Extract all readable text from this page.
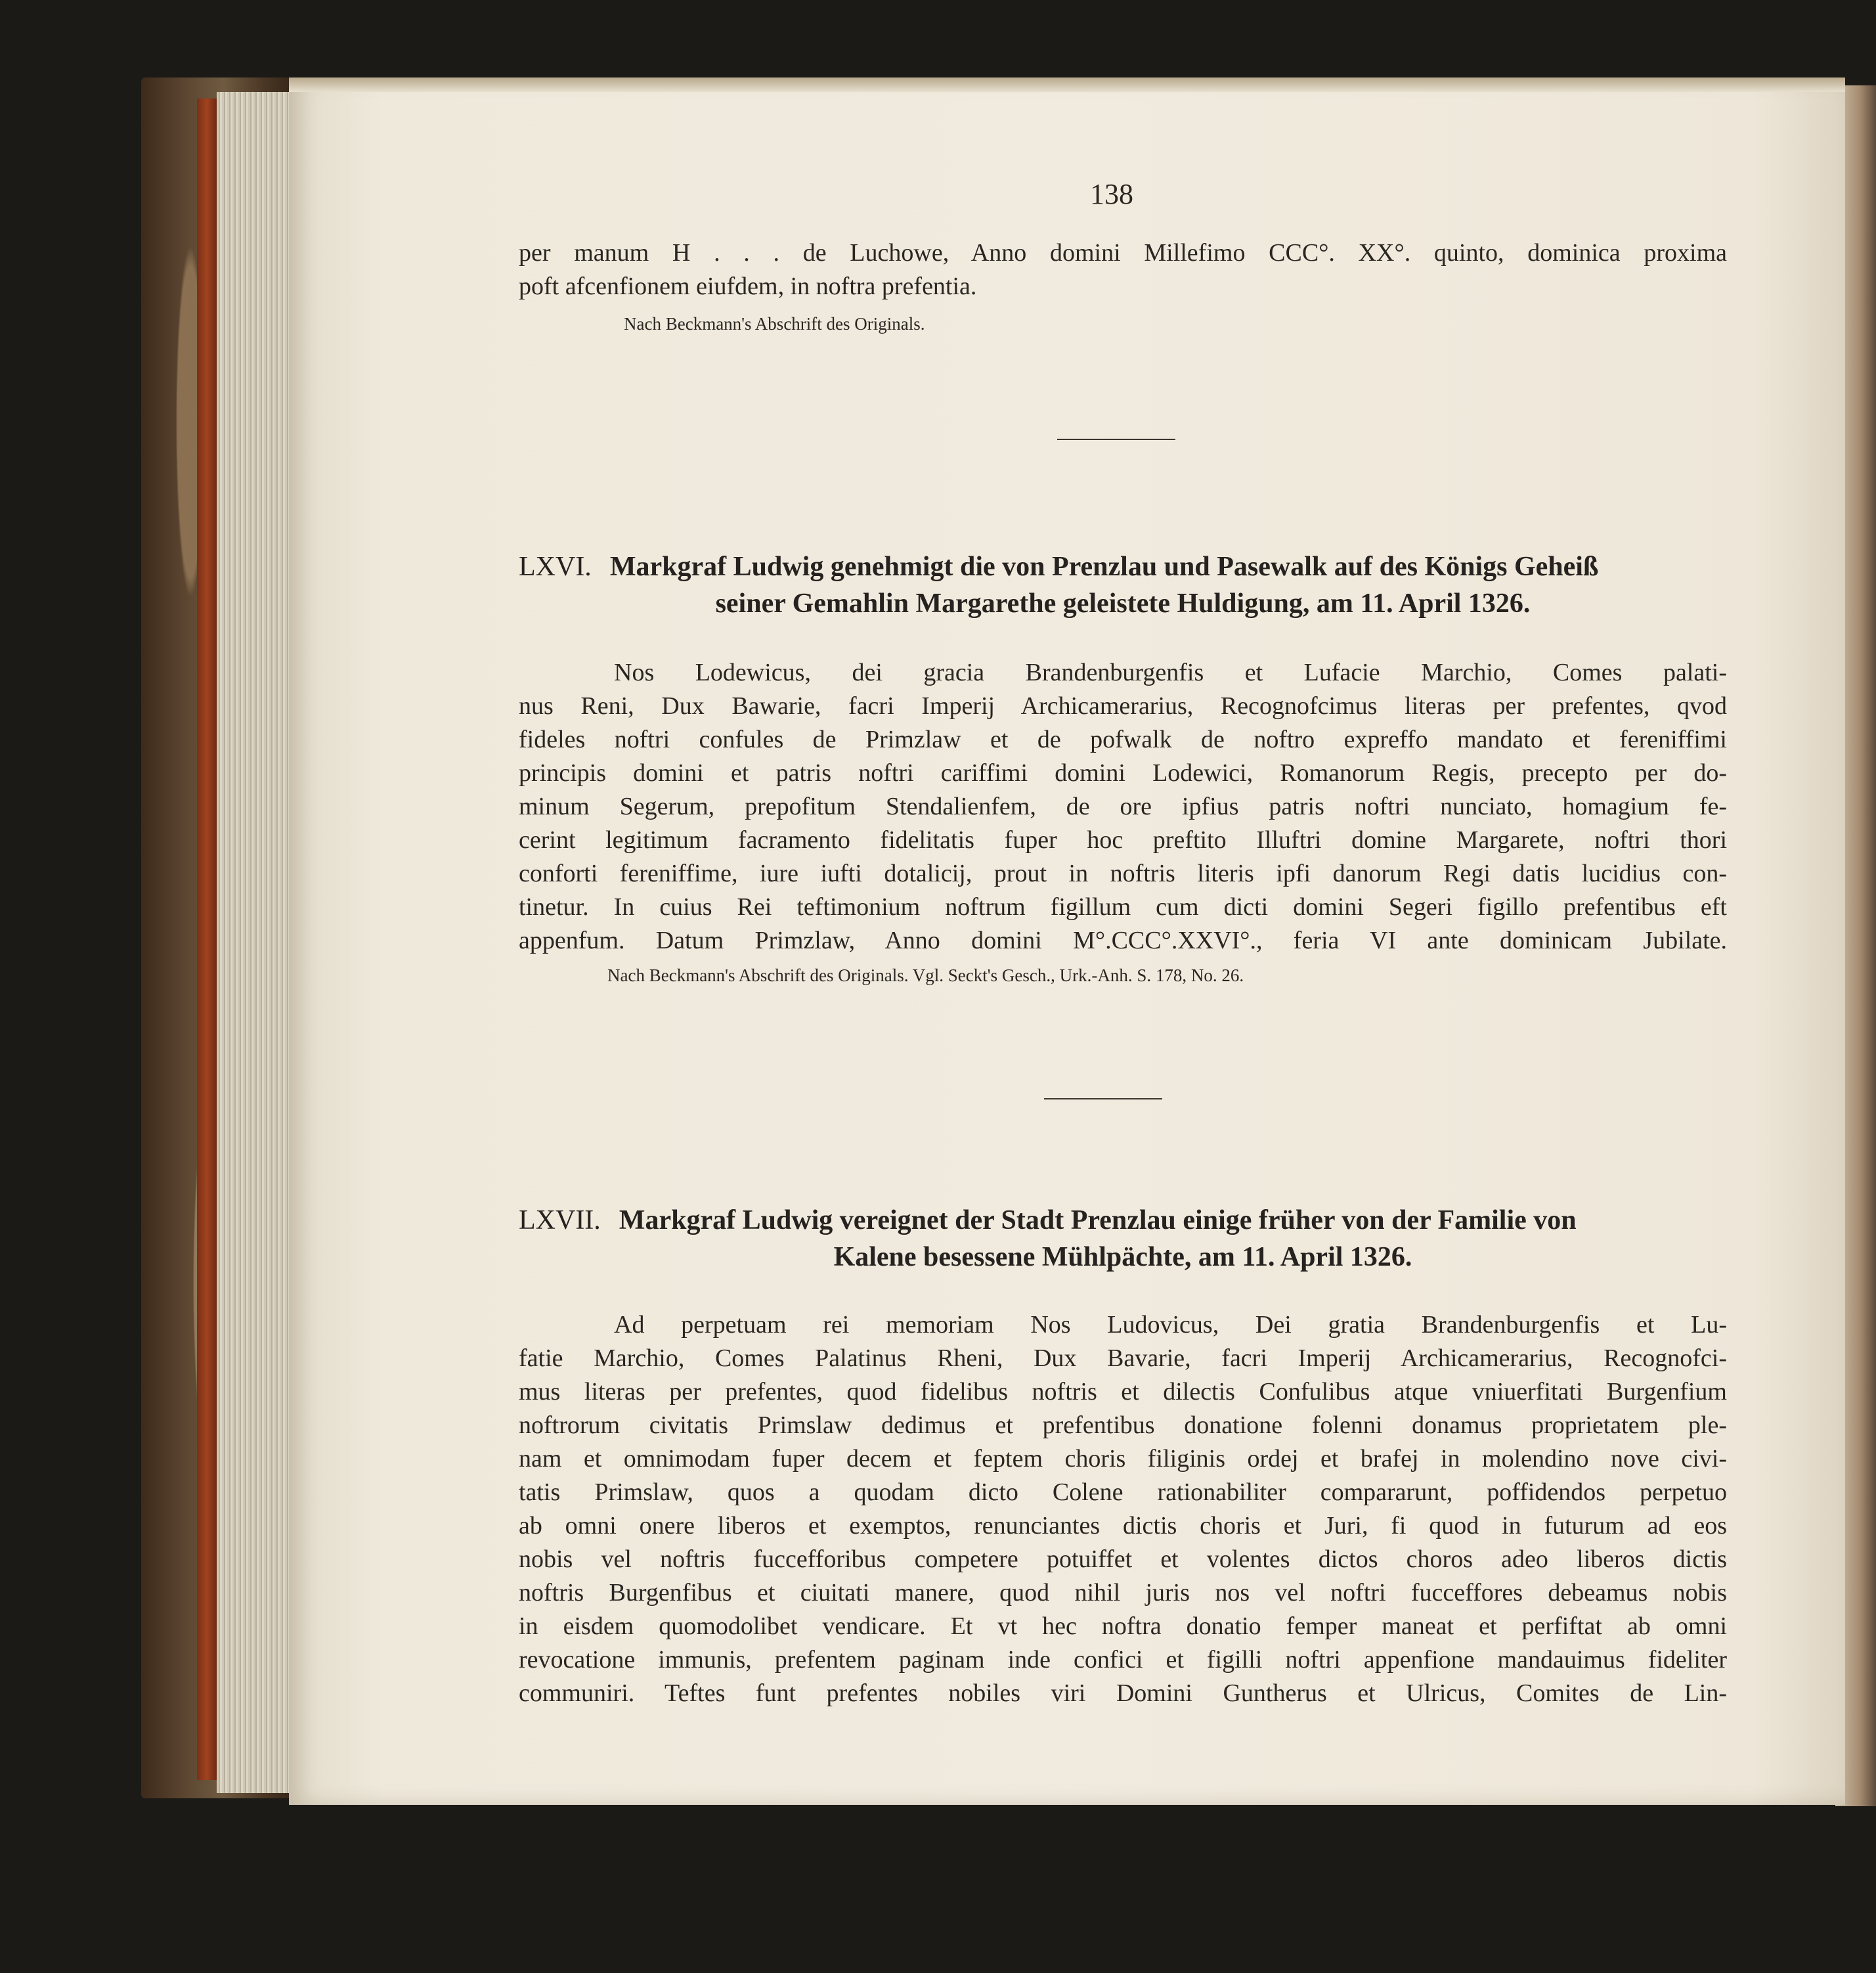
138

per manum H . . . de Luchowe, Anno domini Millefimo CCC°. XX°. quinto, dominica proxima

poft afcenfionem eiufdem, in noftra prefentia.

Nach Beckmann's Abschrift des Originals.

LXVI. Markgraf Ludwig genehmigt die von Prenzlau und Pasewalk auf des Königs Geheiß
seiner Gemahlin Margarethe geleistete Huldigung, am 11. April 1326.

Nos Lodewicus, dei gracia Brandenburgenfis et Lufacie Marchio, Comes palati-

nus Reni, Dux Bawarie, facri Imperij Archicamerarius, Recognofcimus literas per prefentes, qvod

fideles noftri confules de Primzlaw et de pofwalk de noftro expreffo mandato et fereniffimi

principis domini et patris noftri cariffimi domini Lodewici, Romanorum Regis, precepto per do-

minum Segerum, prepofitum Stendalienfem, de ore ipfius patris noftri nunciato, homagium fe-

cerint legitimum facramento fidelitatis fuper hoc preftito Illuftri domine Margarete, noftri thori

conforti fereniffime, iure iufti dotalicij, prout in noftris literis ipfi danorum Regi datis lucidius con-

tinetur. In cuius Rei teftimonium noftrum figillum cum dicti domini Segeri figillo prefentibus eft

appenfum. Datum Primzlaw, Anno domini M°.CCC°.XXVI°., feria VI ante dominicam Jubilate.

Nach Beckmann's Abschrift des Originals. Vgl. Seckt's Gesch., Urk.-Anh. S. 178, No. 26.

LXVII. Markgraf Ludwig vereignet der Stadt Prenzlau einige früher von der Familie von
Kalene besessene Mühlpächte, am 11. April 1326.

Ad perpetuam rei memoriam Nos Ludovicus, Dei gratia Brandenburgenfis et Lu-

fatie Marchio, Comes Palatinus Rheni, Dux Bavarie, facri Imperij Archicamerarius, Recognofci-

mus literas per prefentes, quod fidelibus noftris et dilectis Confulibus atque vniuerfitati Burgenfium

noftrorum civitatis Primslaw dedimus et prefentibus donatione folenni donamus proprietatem ple-

nam et omnimodam fuper decem et feptem choris filiginis ordej et brafej in molendino nove civi-

tatis Primslaw, quos a quodam dicto Colene rationabiliter compararunt, poffidendos perpetuo

ab omni onere liberos et exemptos, renunciantes dictis choris et Juri, fi quod in futurum ad eos

nobis vel noftris fuccefforibus competere potuiffet et volentes dictos choros adeo liberos dictis

noftris Burgenfibus et ciuitati manere, quod nihil juris nos vel noftri fucceffores debeamus nobis

in eisdem quomodolibet vendicare. Et vt hec noftra donatio femper maneat et perfiftat ab omni

revocatione immunis, prefentem paginam inde confici et figilli noftri appenfione mandauimus fideliter

communiri. Teftes funt prefentes nobiles viri Domini Guntherus et Ulricus, Comites de Lin-
